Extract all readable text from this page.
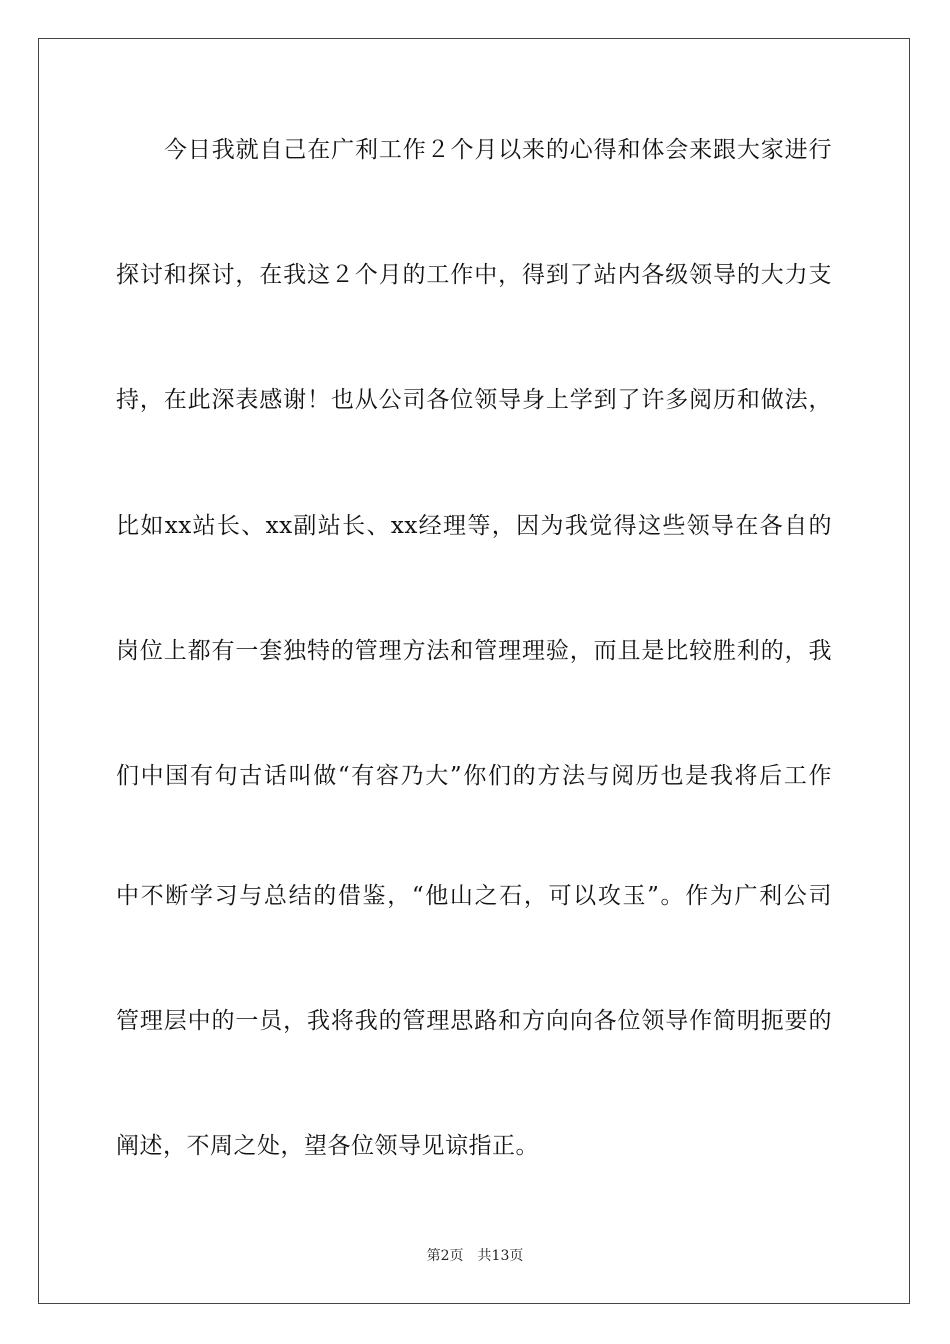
今日我就自己在广利工作２个月以来的心得和体会来跟大家进行
探讨和探讨，在我这２个月的工作中，得到了站内各级领导的大力支
持，在此深表感谢！也从公司各位领导身上学到了许多阅历和做法，
比如xx站长、xx副站长、xx经理等，因为我觉得这些领导在各自的
岗位上都有一套独特的管理方法和管理理验，而且是比较胜利的，我
们中国有句古话叫做“有容乃大”你们的方法与阅历也是我将后工作
中不断学习与总结的借鉴，“他山之石，可以攻玉”。作为广利公司
管理层中的一员，我将我的管理思路和方向向各位领导作简明扼要的
阐述，不周之处，望各位领导见谅指正。
第2页 共13页
